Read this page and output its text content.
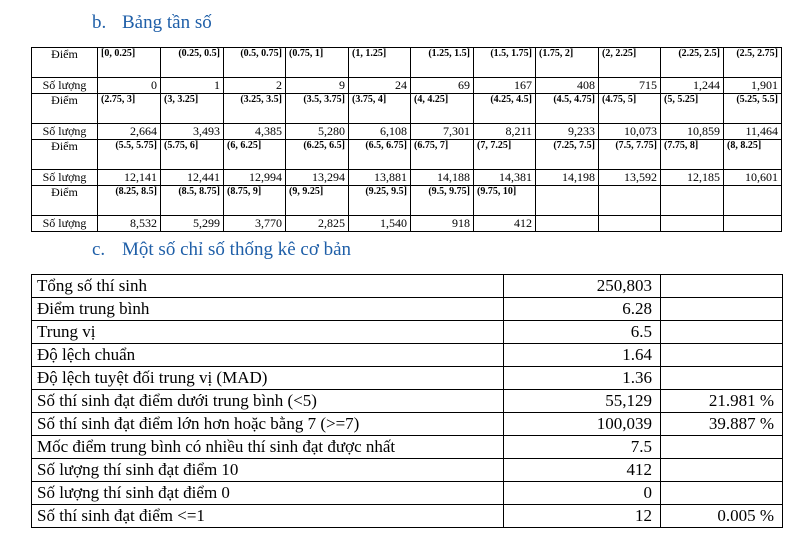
b. Bảng tần số
Điểm	[0, 0.25]	(0.25, 0.5]	(0.5, 0.75]	(0.75, 1]	(1, 1.25]	(1.25, 1.5]	(1.5, 1.75]	(1.75, 2]	(2, 2.25]	(2.25, 2.5]	(2.5, 2.75]
Số lượng	0	1	2	9	24	69	167	408	715	1,244	1,901
Điểm	(2.75, 3]	(3, 3.25]	(3.25, 3.5]	(3.5, 3.75]	(3.75, 4]	(4, 4.25]	(4.25, 4.5]	(4.5, 4.75]	(4.75, 5]	(5, 5.25]	(5.25, 5.5]
Số lượng	2,664	3,493	4,385	5,280	6,108	7,301	8,211	9,233	10,073	10,859	11,464
Điểm	(5.5, 5.75]	(5.75, 6]	(6, 6.25]	(6.25, 6.5]	(6.5, 6.75]	(6.75, 7]	(7, 7.25]	(7.25, 7.5]	(7.5, 7.75]	(7.75, 8]	(8, 8.25]
Số lượng	12,141	12,441	12,994	13,294	13,881	14,188	14,381	14,198	13,592	12,185	10,601
Điểm	(8.25, 8.5]	(8.5, 8.75]	(8.75, 9]	(9, 9.25]	(9.25, 9.5]	(9.5, 9.75]	(9.75, 10]				
Số lượng	8,532	5,299	3,770	2,825	1,540	918	412				
c. Một số chỉ số thống kê cơ bản
Tổng số thí sinh	250,803	
Điểm trung bình	6.28	
Trung vị	6.5	
Độ lệch chuẩn	1.64	
Độ lệch tuyệt đối trung vị (MAD)	1.36	
Số thí sinh đạt điểm dưới trung bình (<5)	55,129	21.981 %
Số thí sinh đạt điểm lớn hơn hoặc bằng 7 (>=7)	100,039	39.887 %
Mốc điểm trung bình có nhiều thí sinh đạt được nhất	7.5	
Số lượng thí sinh đạt điểm 10	412	
Số lượng thí sinh đạt điểm 0	0	
Số thí sinh đạt điểm <=1	12	0.005 %
